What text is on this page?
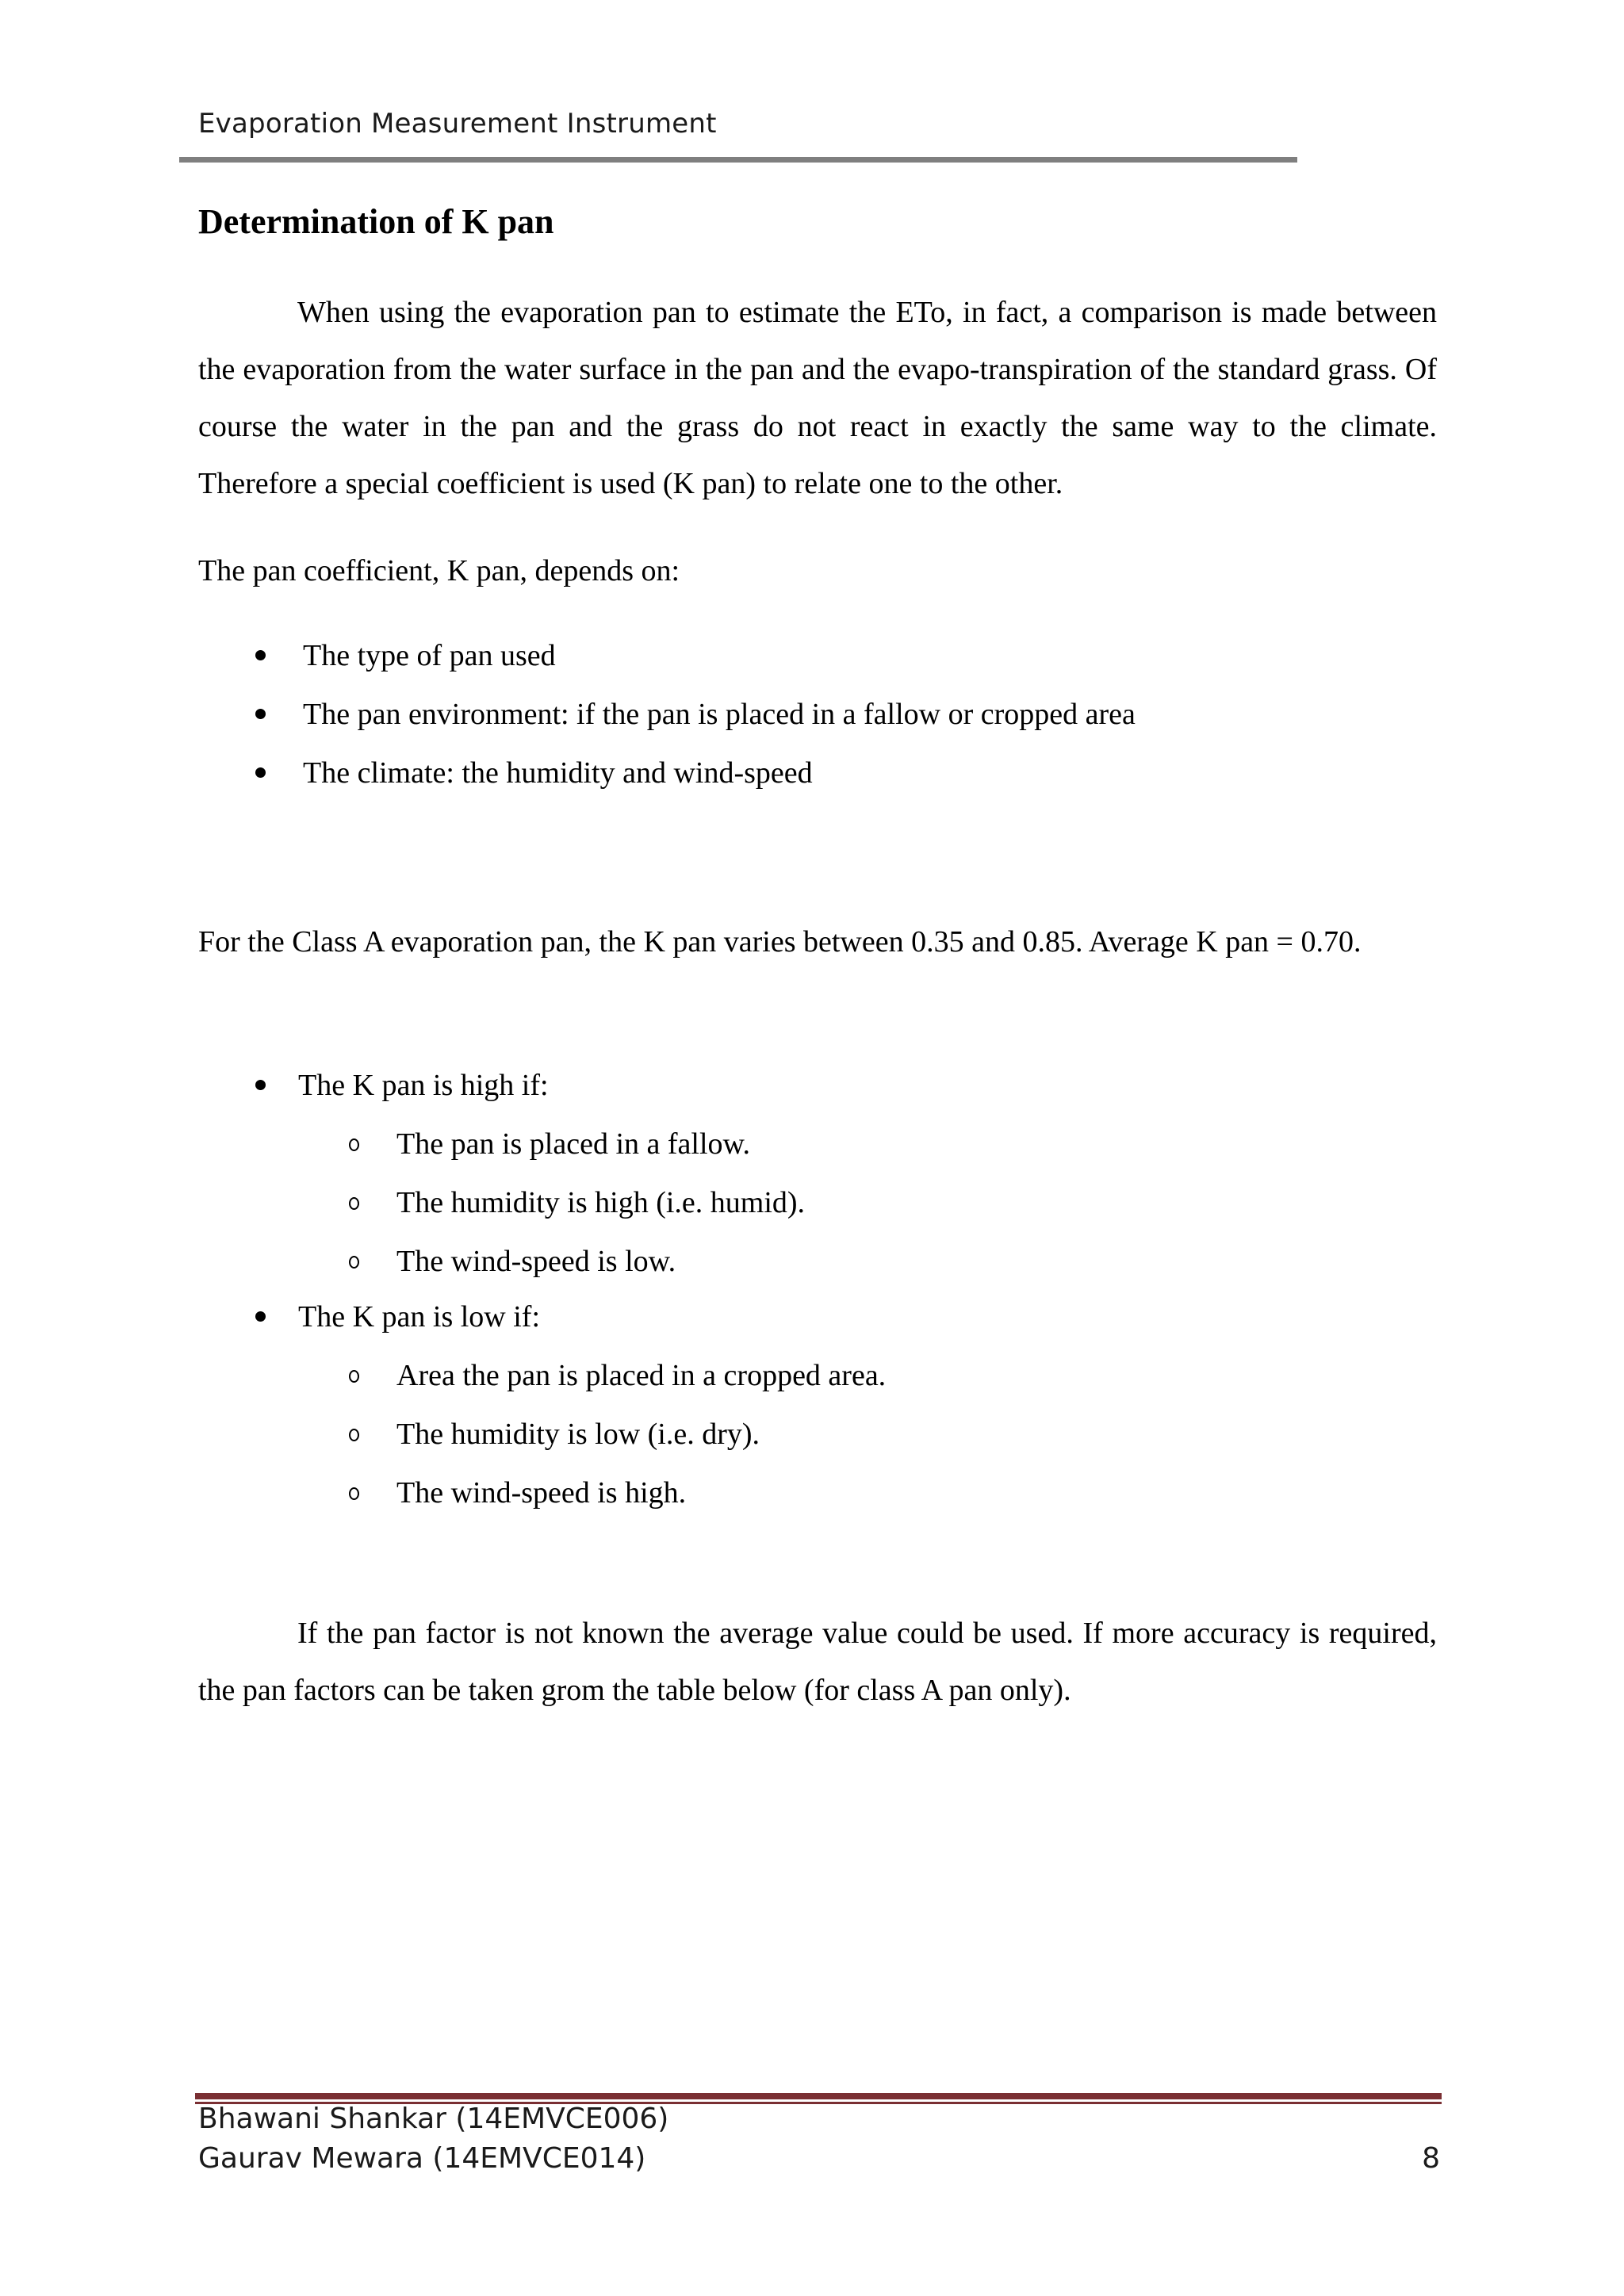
Evaporation Measurement Instrument
Determination of K pan

When using the evaporation pan to estimate the ETo, in fact, a comparison is made between the evaporation from the water surface in the pan and the evapo-transpiration of the standard grass. Of course the water in the pan and the grass do not react in exactly the same way to the climate. Therefore a special coefficient is used (K pan) to relate one to the other.

The pan coefficient, K pan, depends on:

The type of pan used
The pan environment: if the pan is placed in a fallow or cropped area
The climate: the humidity and wind-speed

For the Class A evaporation pan, the K pan varies between 0.35 and 0.85. Average K pan = 0.70.

The K pan is high if:
The pan is placed in a fallow.
The humidity is high (i.e. humid).
The wind-speed is low.
The K pan is low if:
Area the pan is placed in a cropped area.
The humidity is low (i.e. dry).
The wind-speed is high.

If the pan factor is not known the average value could be used. If more accuracy is required, the pan factors can be taken grom the table below (for class A pan only).

Bhawani Shankar (14EMVCE006)
Gaurav Mewara (14EMVCE014)	8
